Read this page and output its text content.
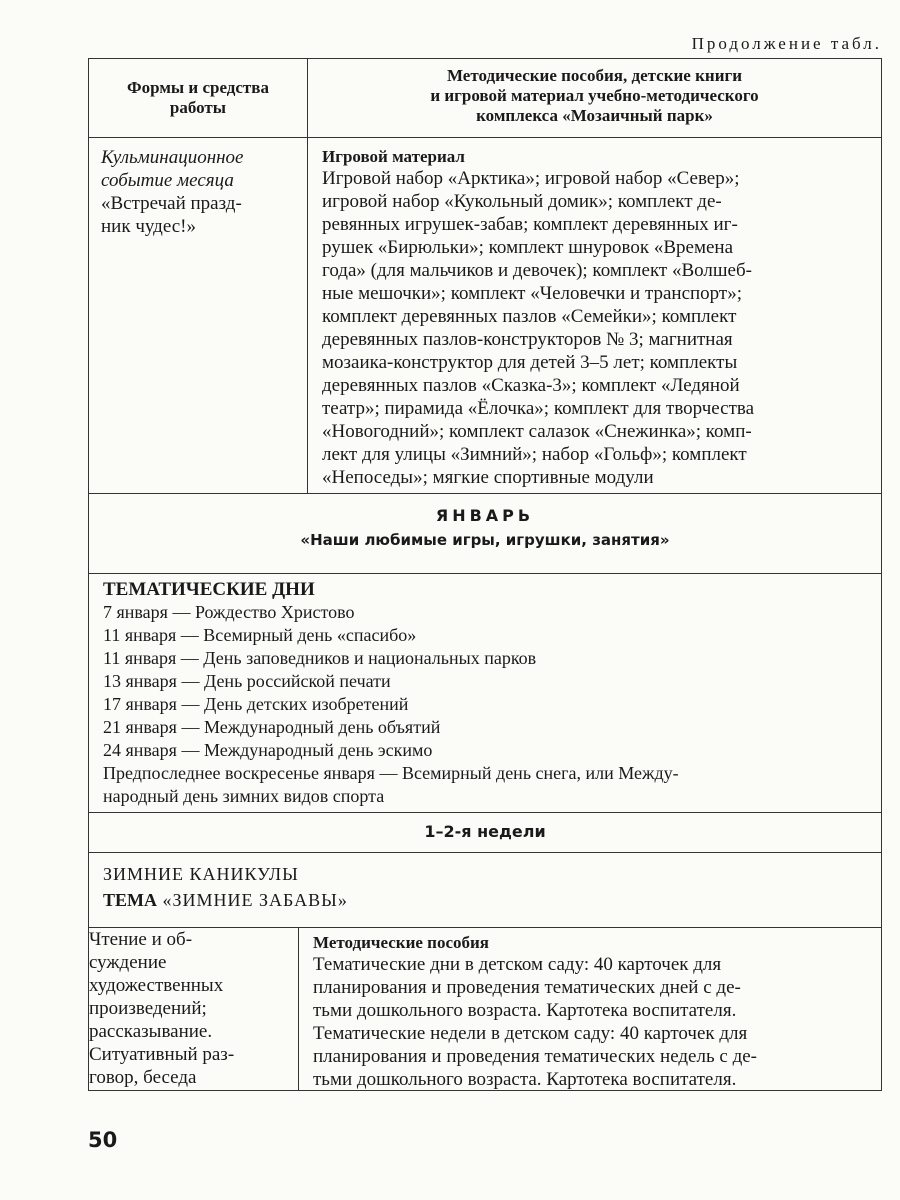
Продолжение табл.
Формы и средства работы
Методические пособия, детские книги
и игровой материал учебно-методического
комплекса «Мозаичный парк»
Кульминационное
событие месяца
«Встречай празд-
ник чудес!»
Игровой материал
Игровой набор «Арктика»; игровой набор «Север»;
игровой набор «Кукольный домик»; комплект де-
ревянных игрушек-забав; комплект деревянных иг-
рушек «Бирюльки»; комплект шнуровок «Времена
года» (для мальчиков и девочек); комплект «Волшеб-
ные мешочки»; комплект «Человечки и транспорт»;
комплект деревянных пазлов «Семейки»; комплект
деревянных пазлов-конструкторов № 3; магнитная
мозаика-конструктор для детей 3–5 лет; комплекты
деревянных пазлов «Сказка-3»; комплект «Ледяной
театр»; пирамида «Ёлочка»; комплект для творчества
«Новогодний»; комплект салазок «Снежинка»; комп-
лект для улицы «Зимний»; набор «Гольф»; комплект
«Непоседы»; мягкие спортивные модули
ЯНВАРЬ
«Наши любимые игры, игрушки, занятия»
ТЕМАТИЧЕСКИЕ ДНИ
7 января — Рождество Христово
11 января — Всемирный день «спасибо»
11 января — День заповедников и национальных парков
13 января — День российской печати
17 января — День детских изобретений
21 января — Международный день объятий
24 января — Международный день эскимо
Предпоследнее воскресенье января — Всемирный день снега, или Между-
народный день зимних видов спорта
1–2-я недели
ЗИМНИЕ КАНИКУЛЫ
ТЕМА «ЗИМНИЕ ЗАБАВЫ»
Чтение и об-
суждение
художественных
произведений;
рассказывание.
Ситуативный раз-
говор, беседа
Методические пособия
Тематические дни в детском саду: 40 карточек для
планирования и проведения тематических дней с де-
тьми дошкольного возраста. Картотека воспитателя.
Тематические недели в детском саду: 40 карточек для
планирования и проведения тематических недель с де-
тьми дошкольного возраста. Картотека воспитателя.
50
